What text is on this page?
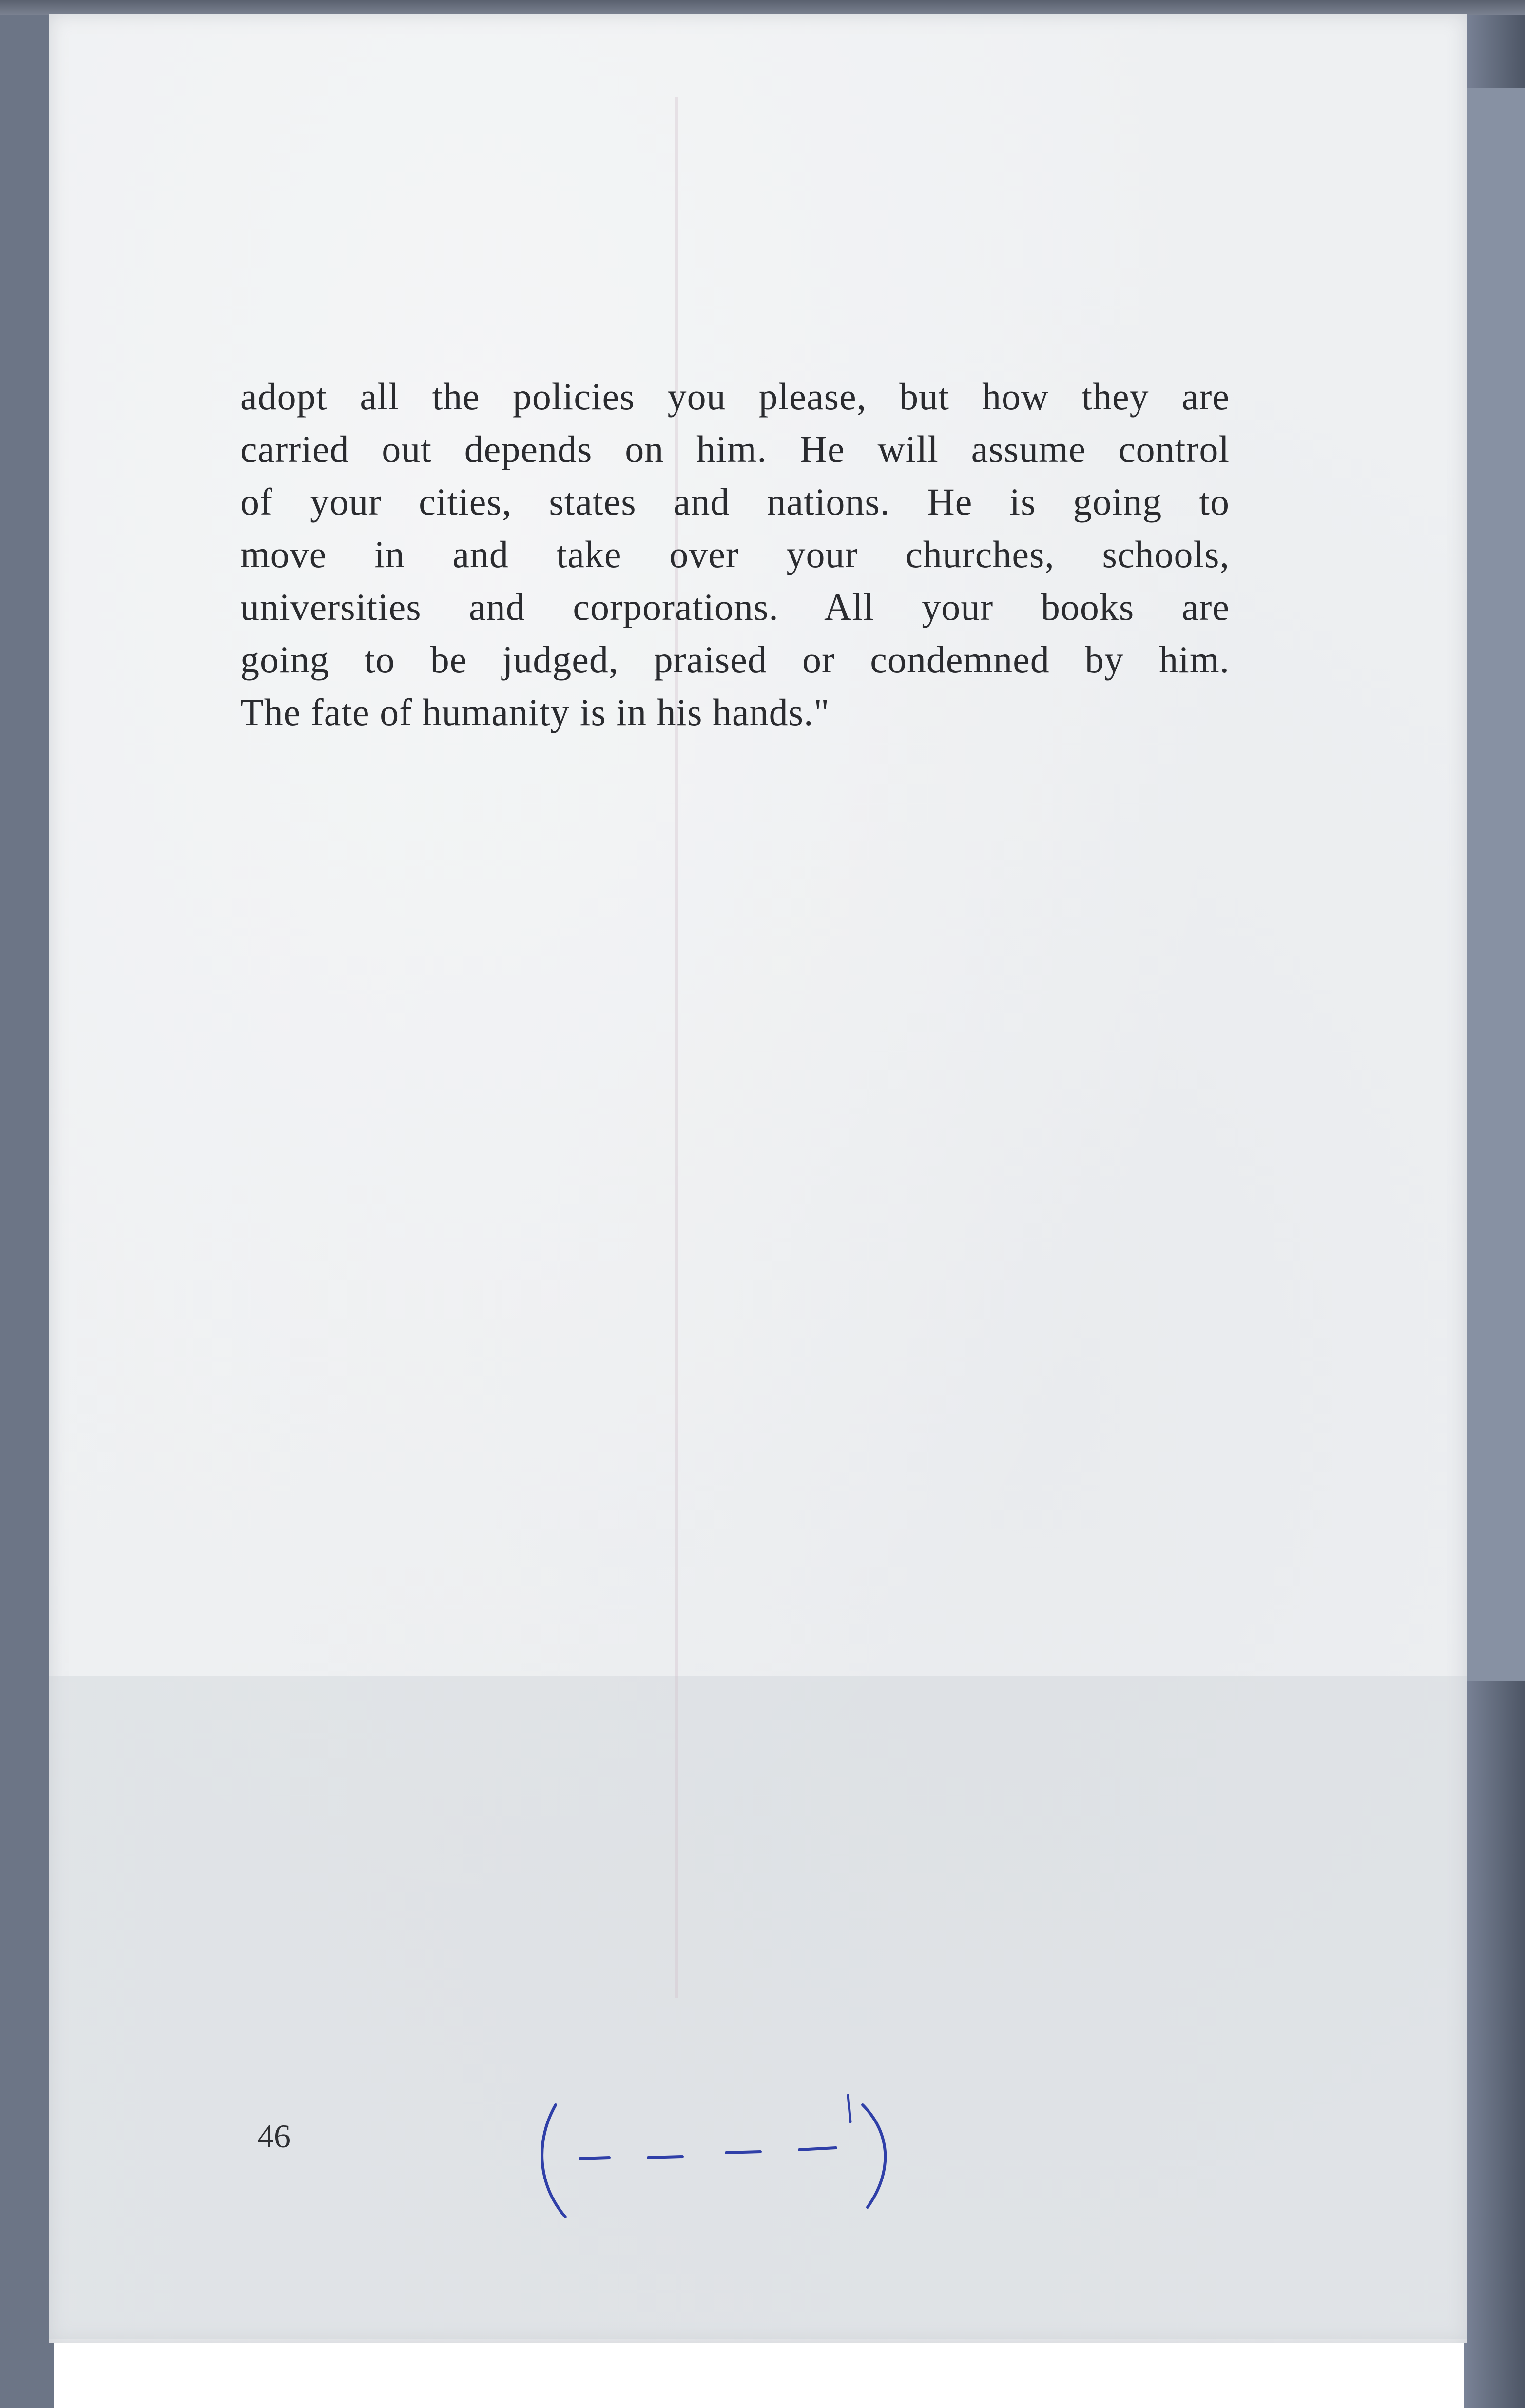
adopt all the policies you please, but how they are
carried out depends on him. He will assume control
of your cities, states and nations. He is going to
move in and take over your churches, schools,
universities and corporations. All your books are
going to be judged, praised or condemned by him.
The fate of humanity is in his hands."

46
